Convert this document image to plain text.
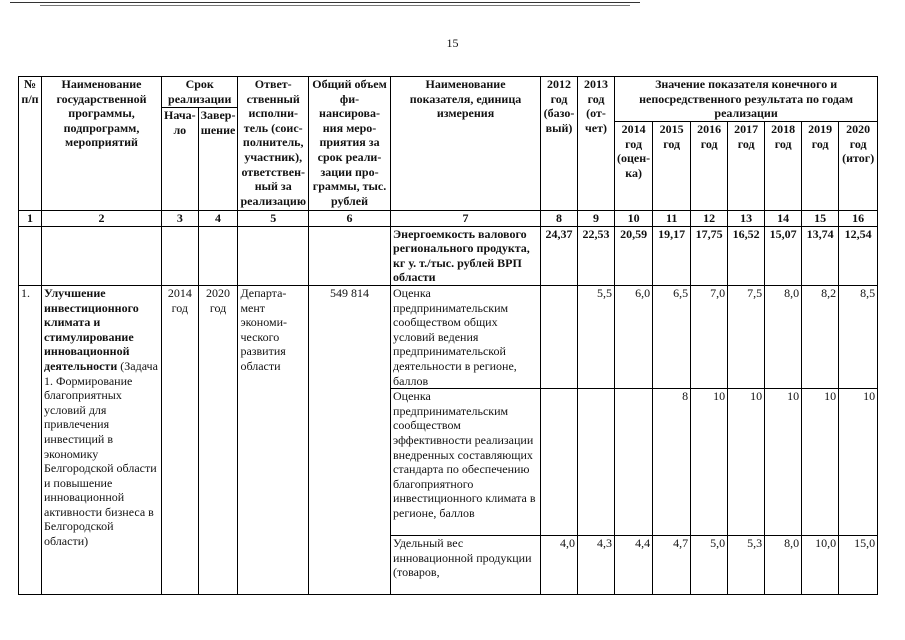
15
№ п/п	Наименование государственной программы, подпрограмм, мероприятий	Срок реализации		Ответ-ственный исполни-тель (соис-полнитель, участник), ответствен-ный за реализацию	Общий объем фи-нансирова-ния меро-приятия за срок реали-зации про-граммы, тыс. рублей	Наименование показателя, единица измерения	2012 год (базо-вый)	2013 год (от-чет)	Значение показателя конечного и непосредственного результата по годам реализации						
		Нача-ло	Завер-шение												
									2014 год (оцен-ка)	2015 год	2016 год	2017 год	2018 год	2019 год	2020 год (итог)
1	2	3	4	5	6	7	8	9	10	11	12	13	14	15	16
						Энергоемкость валового регионального продукта, кг у. т./тыс. рублей ВРП области	24,37	22,53	20,59	19,17	17,75	16,52	15,07	13,74	12,54
1.	Улучшение инвестиционного климата и стимулирование инновационной деятельности (Задача 1. Формирование благоприятных условий для привлечения инвестиций в экономику Белгородской области и повышение инновационной активности бизнеса в Белгородской области)	2014 год	2020 год	Департа-мент экономи-ческого развития области	549 814	Оценка предпринимательским сообществом общих условий ведения предпринимательской деятельности в регионе, баллов		5,5	6,0	6,5	7,0	7,5	8,0	8,2	8,5
						Оценка предпринимательским сообществом эффективности реализации внедренных составляющих стандарта по обеспечению благоприятного инвестиционного климата в регионе, баллов				8	10	10	10	10	10
						Удельный вес инновационной продукции (товаров,	4,0	4,3	4,4	4,7	5,0	5,3	8,0	10,0	15,0
